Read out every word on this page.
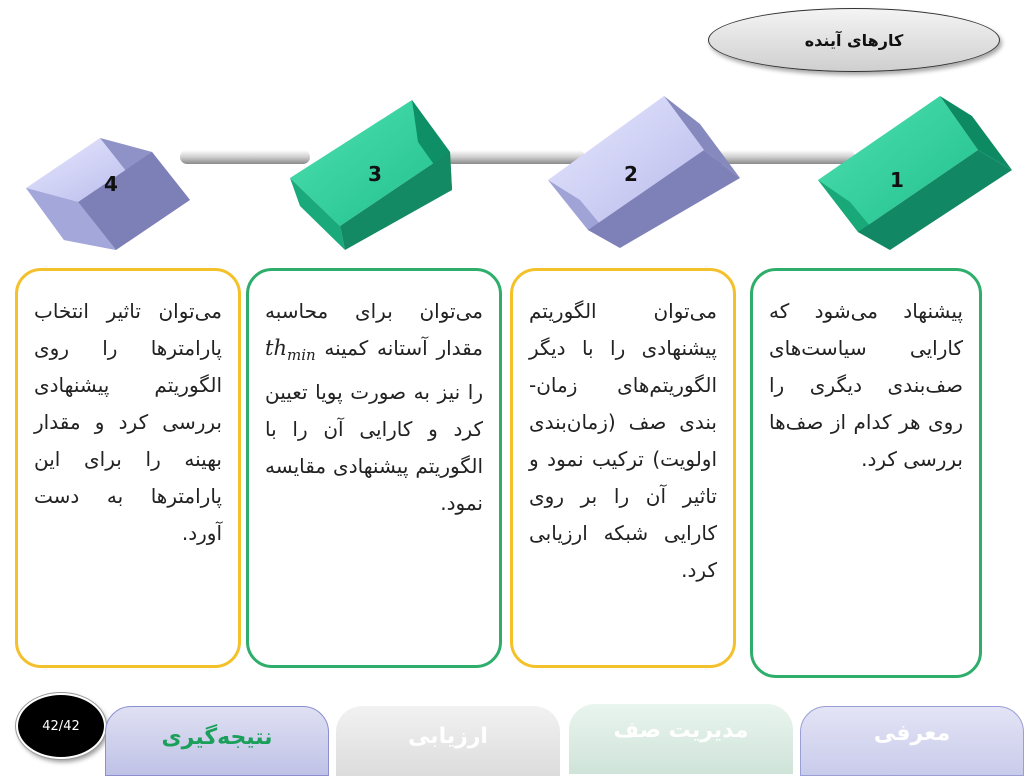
کارهای آینده
4	3	2	1

می‌توان تاثیر انتخاب پارامترها را روی الگوریتم پیشنهادی بررسی کرد و مقدار بهینه را برای این پارامترها به دست آورد.

می‌توان برای محاسبه مقدار آستانه کمینه $th_{min}$ را نیز به صورت پویا تعیین کرد و کارایی آن را با الگوریتم پیشنهادی مقایسه نمود.

می‌توان الگوریتم پیشنهادی را با دیگر الگوریتم‌های زمان-بندی صف (زمان‌بندی اولویت) ترکیب نمود و تاثیر آن را بر روی کارایی شبکه ارزیابی کرد.

پیشنهاد می‌شود که کارایی سیاست‌های صف‌بندی دیگری را روی هر کدام از صف‌ها بررسی کرد.

42/42	نتیجه‌گیری	ارزیابی	مدیریت صف	معرفی
